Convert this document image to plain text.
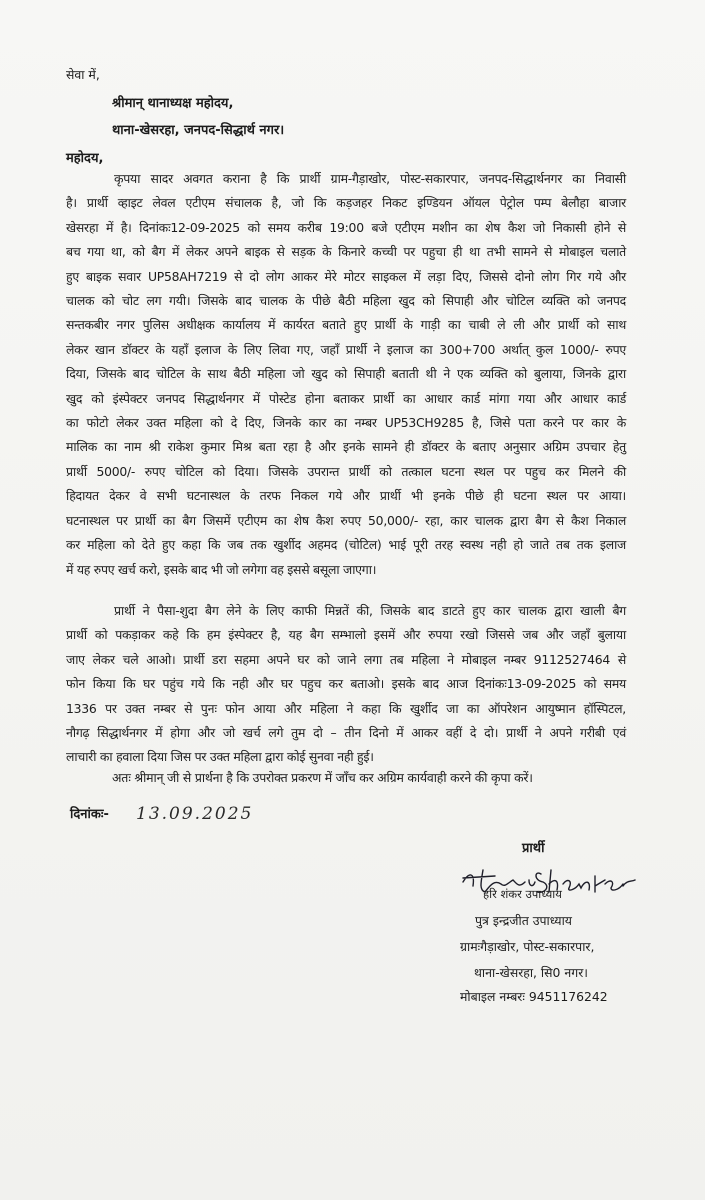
सेवा में,
श्रीमान् थानाध्यक्ष महोदय,
थाना-खेसरहा, जनपद-सिद्धार्थ नगर।
महोदय,
कृपया सादर अवगत कराना है कि प्रार्थी ग्राम-गैड़ाखोर, पोस्ट-सकारपार, जनपद-सिद्धार्थनगर का निवासी
है। प्रार्थी व्हाइट लेवल एटीएम संचालक है, जो कि कड़जहर निकट इण्डियन ऑयल पेट्रोल पम्प बेलौहा बाजार
खेसरहा में है। दिनांकः12-09-2025 को समय करीब 19:00 बजे एटीएम मशीन का शेष कैश जो निकासी होने से
बच गया था, को बैग में लेकर अपने बाइक से सड़क के किनारे कच्ची पर पहुचा ही था तभी सामने से मोबाइल चलाते
हुए बाइक सवार UP58AH7219 से दो लोग आकर मेरे मोटर साइकल में लड़ा दिए, जिससे दोनो लोग गिर गये और
चालक को चोट लग गयी। जिसके बाद चालक के पीछे बैठी महिला खुद को सिपाही और चोटिल व्यक्ति को जनपद
सन्तकबीर नगर पुलिस अधीक्षक कार्यालय में कार्यरत बताते हुए प्रार्थी के गाड़ी का चाबी ले ली और प्रार्थी को साथ
लेकर खान डॉक्टर के यहाँ इलाज के लिए लिवा गए, जहाँ प्रार्थी ने इलाज का 300+700 अर्थात् कुल 1000/- रुपए
दिया, जिसके बाद चोटिल के साथ बैठी महिला जो खुद को सिपाही बताती थी ने एक व्यक्ति को बुलाया, जिनके द्वारा
खुद को इंस्पेक्टर जनपद सिद्धार्थनगर में पोस्टेड होना बताकर प्रार्थी का आधार कार्ड मांगा गया और आधार कार्ड
का फोटो लेकर उक्त महिला को दे दिए, जिनके कार का नम्बर UP53CH9285 है, जिसे पता करने पर कार के
मालिक का नाम श्री राकेश कुमार मिश्र बता रहा है और इनके सामने ही डॉक्टर के बताए अनुसार अग्रिम उपचार हेतु
प्रार्थी 5000/- रुपए चोटिल को दिया। जिसके उपरान्त प्रार्थी को तत्काल घटना स्थल पर पहुच कर मिलने की
हिदायत देकर वे सभी घटनास्थल के तरफ निकल गये और प्रार्थी भी इनके पीछे ही घटना स्थल पर आया।
घटनास्थल पर प्रार्थी का बैग जिसमें एटीएम का शेष कैश रुपए 50,000/- रहा, कार चालक द्वारा बैग से कैश निकाल
कर महिला को देते हुए कहा कि जब तक खुर्शीद अहमद (चोटिल) भाई पूरी तरह स्वस्थ नही हो जाते तब तक इलाज
में यह रुपए खर्च करो, इसके बाद भी जो लगेगा वह इससे बसूला जाएगा।
प्रार्थी ने पैसा-शुदा बैग लेने के लिए काफी मिन्नतें की, जिसके बाद डाटते हुए कार चालक द्वारा खाली बैग
प्रार्थी को पकड़ाकर कहे कि हम इंस्पेक्टर है, यह बैग सम्भालो इसमें और रुपया रखो जिससे जब और जहाँ बुलाया
जाए लेकर चले आओ। प्रार्थी डरा सहमा अपने घर को जाने लगा तब महिला ने मोबाइल नम्बर 9112527464 से
फोन किया कि घर पहुंच गये कि नही और घर पहुच कर बताओ। इसके बाद आज दिनांकः13-09-2025 को समय
1336 पर उक्त नम्बर से पुनः फोन आया और महिला ने कहा कि खुर्शीद जा का ऑपरेशन आयुष्मान हॉस्पिटल,
नौगढ़ सिद्धार्थनगर में होगा और जो खर्च लगे तुम दो – तीन दिनो में आकर वहीं दे दो। प्रार्थी ने अपने गरीबी एवं
लाचारी का हवाला दिया जिस पर उक्त महिला द्वारा कोई सुनवा नही हुई।
अतः श्रीमान् जी से प्रार्थना है कि उपरोक्त प्रकरण में जाँच कर अग्रिम कार्यवाही करने की कृपा करें।
दिनांकः- 13.09.2025
प्रार्थी
हरि शंकर उपाध्याय
पुत्र इन्द्रजीत उपाध्याय
ग्रामःगैड़ाखोर, पोस्ट-सकारपार,
थाना-खेसरहा, सि0 नगर।
मोबाइल नम्बरः 9451176242
